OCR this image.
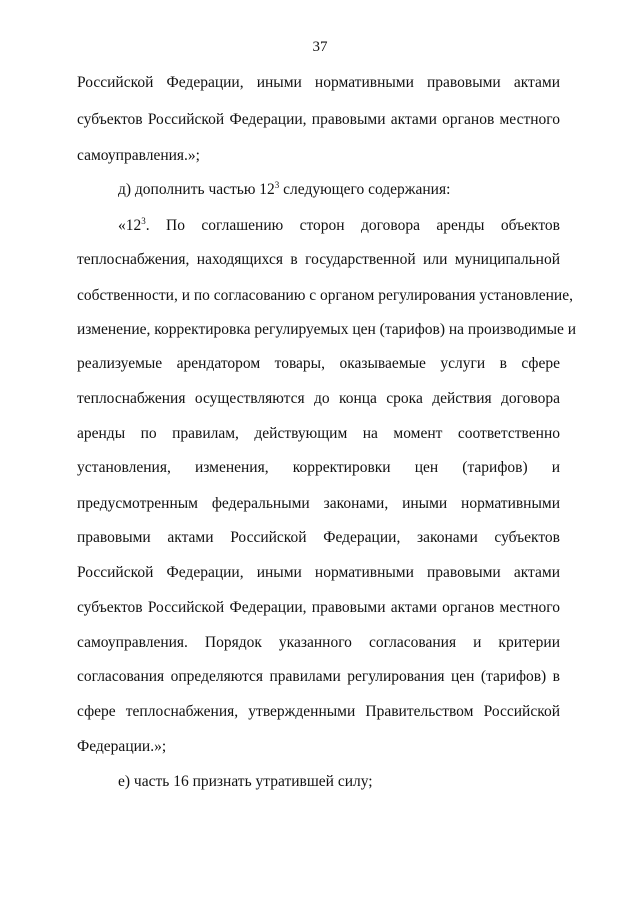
37
Российской Федерации, иными нормативными правовыми актами
субъектов Российской Федерации, правовыми актами органов местного
самоуправления.»;
д) дополнить частью $12^3$ следующего содержания:
«$12^3$. По соглашению сторон договора аренды объектов
теплоснабжения, находящихся в государственной или муниципальной
собственности, и по согласованию с органом регулирования установление,
изменение, корректировка регулируемых цен (тарифов) на производимые и
реализуемые арендатором товары, оказываемые услуги в сфере
теплоснабжения осуществляются до конца срока действия договора
аренды по правилам, действующим на момент соответственно
установления, изменения, корректировки цен (тарифов) и
предусмотренным федеральными законами, иными нормативными
правовыми актами Российской Федерации, законами субъектов
Российской Федерации, иными нормативными правовыми актами
субъектов Российской Федерации, правовыми актами органов местного
самоуправления. Порядок указанного согласования и критерии
согласования определяются правилами регулирования цен (тарифов) в
сфере теплоснабжения, утвержденными Правительством Российской
Федерации.»;
е) часть 16 признать утратившей силу;
